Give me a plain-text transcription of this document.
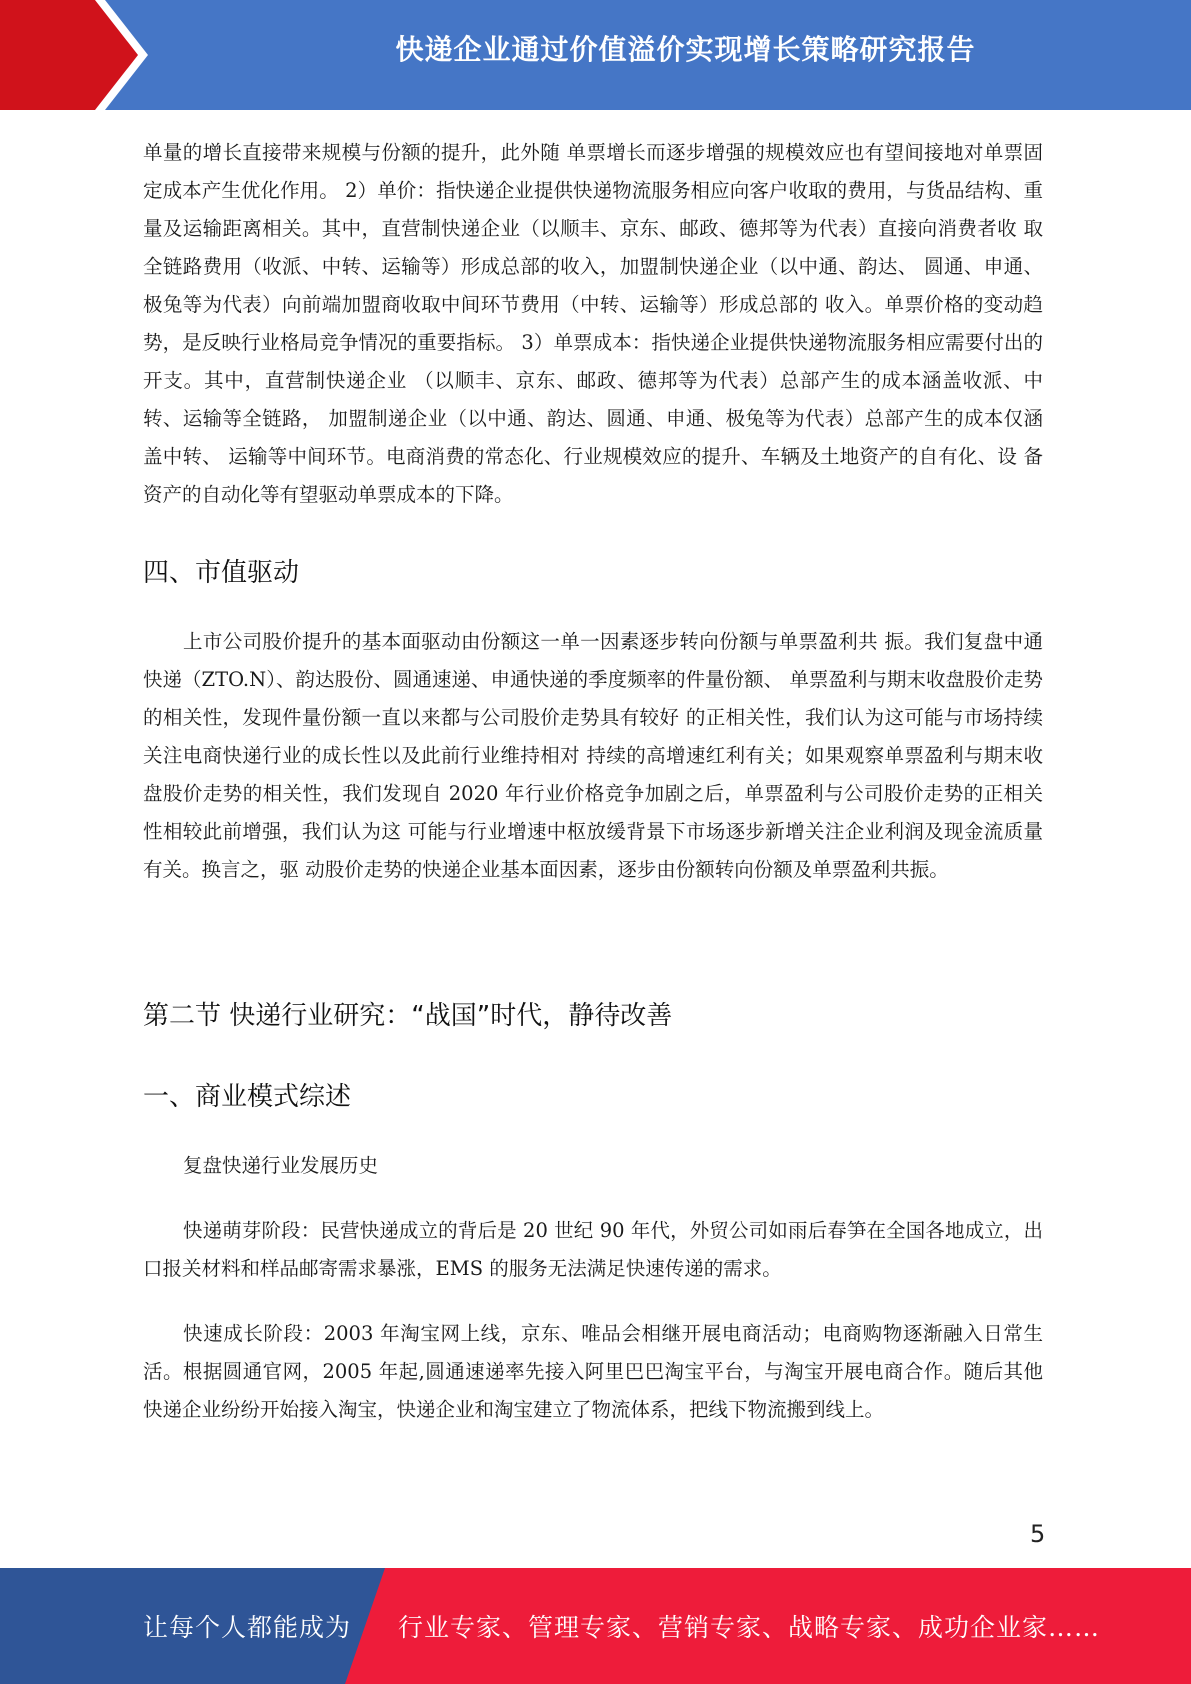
快递企业通过价值溢价实现增长策略研究报告

单量的增长直接带来规模与份额的提升，此外随 单票增长而逐步增强的规模效应也有望间接地对单票固定成本产生优化作用。 2）单价：指快递企业提供快递物流服务相应向客户收取的费用，与货品结构、重量及运输距离相关。其中，直营制快递企业（以顺丰、京东、邮政、德邦等为代表）直接向消费者收 取全链路费用（收派、中转、运输等）形成总部的收入，加盟制快递企业（以中通、韵达、 圆通、申通、极兔等为代表）向前端加盟商收取中间环节费用（中转、运输等）形成总部的 收入。单票价格的变动趋势，是反映行业格局竞争情况的重要指标。 3）单票成本：指快递企业提供快递物流服务相应需要付出的开支。其中，直营制快递企业 （以顺丰、京东、邮政、德邦等为代表）总部产生的成本涵盖收派、中转、运输等全链路， 加盟制递企业（以中通、韵达、圆通、申通、极兔等为代表）总部产生的成本仅涵盖中转、 运输等中间环节。电商消费的常态化、行业规模效应的提升、车辆及土地资产的自有化、设 备资产的自动化等有望驱动单票成本的下降。

四、市值驱动

上市公司股价提升的基本面驱动由份额这一单一因素逐步转向份额与单票盈利共 振。我们复盘中通快递（ZTO.N）、韵达股份、圆通速递、申通快递的季度频率的件量份额、 单票盈利与期末收盘股价走势的相关性，发现件量份额一直以来都与公司股价走势具有较好 的正相关性，我们认为这可能与市场持续关注电商快递行业的成长性以及此前行业维持相对 持续的高增速红利有关；如果观察单票盈利与期末收盘股价走势的相关性，我们发现自 2020 年行业价格竞争加剧之后，单票盈利与公司股价走势的正相关性相较此前增强，我们认为这 可能与行业增速中枢放缓背景下市场逐步新增关注企业利润及现金流质量有关。换言之，驱 动股价走势的快递企业基本面因素，逐步由份额转向份额及单票盈利共振。

第二节 快递行业研究：“战国”时代，静待改善
一、商业模式综述

复盘快递行业发展历史

快递萌芽阶段：民营快递成立的背后是 20 世纪 90 年代，外贸公司如雨后春笋在全国各地成立，出口报关材料和样品邮寄需求暴涨，EMS 的服务无法满足快速传递的需求。

快速成长阶段：2003 年淘宝网上线，京东、唯品会相继开展电商活动；电商购物逐渐融入日常生活。根据圆通官网，2005 年起,圆通速递率先接入阿里巴巴淘宝平台，与淘宝开展电商合作。随后其他快递企业纷纷开始接入淘宝，快递企业和淘宝建立了物流体系，把线下物流搬到线上。

5
让每个人都能成为 行业专家、管理专家、营销专家、战略专家、成功企业家……
